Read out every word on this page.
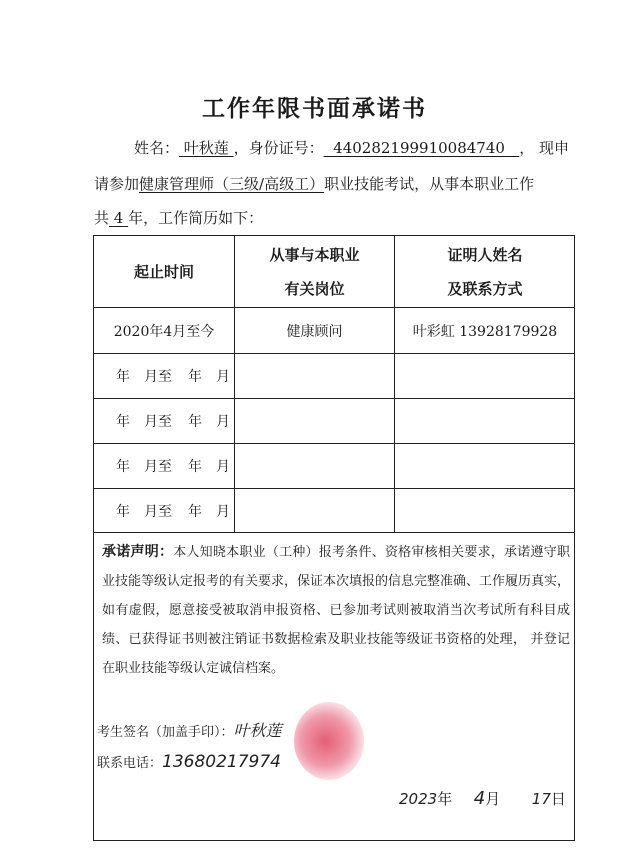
工作年限书面承诺书
姓名： 叶秋莲 ，身份证号： 440282199910084740 ， 现申
请参加健康管理师（三级/高级工）职业技能考试，从事本职业工作
共 4 年，工作简历如下：
起止时间
从事与本职业
有关岗位
证明人姓名
及联系方式
2020年4月至今	健康顾问	叶彩虹 13928179928
年 月至 年 月
年 月至 年 月
年 月至 年 月
年 月至 年 月
承诺声明：本人知晓本职业（工种）报考条件、资格审核相关要求，承诺遵守职业技能等级认定报考的有关要求，保证本次填报的信息完整准确、工作履历真实，如有虚假，愿意接受被取消申报资格、已参加考试则被取消当次考试所有科目成绩、已获得证书则被注销证书数据检索及职业技能等级证书资格的处理， 并登记在职业技能等级认定诚信档案。
考生签名（加盖手印）：叶秋莲
联系电话：13680217974
2023年 4月 17日
